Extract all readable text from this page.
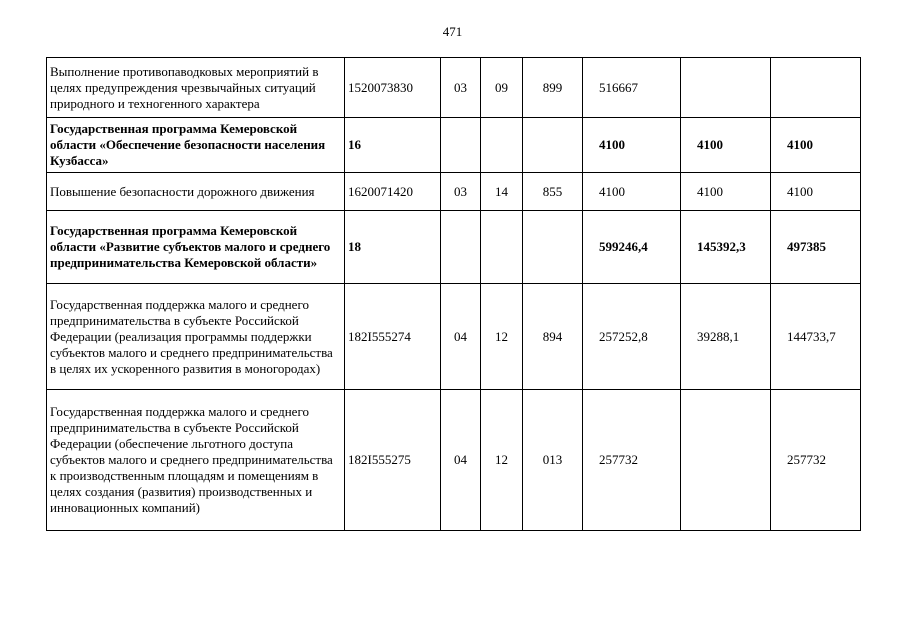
471
Выполнение противопаводковых мероприятий в целях предупреждения чрезвычайных ситуаций природного и техногенного характера	1520073830	03	09	899	516667		
Государственная программа Кемеровской области «Обеспечение безопасности населения Кузбасса»	16				4100	4100	4100
Повышение безопасности дорожного движения	1620071420	03	14	855	4100	4100	4100
Государственная программа Кемеровской области «Развитие субъектов малого и среднего предпринимательства Кемеровской области»	18				599246,4	145392,3	497385
Государственная поддержка малого и среднего предпринимательства в субъекте Российской Федерации (реализация программы поддержки субъектов малого и среднего предпринимательства в целях их ускоренного развития в моногородах)	182I555274	04	12	894	257252,8	39288,1	144733,7
Государственная поддержка малого и среднего предпринимательства в субъекте Российской Федерации (обеспечение льготного доступа субъектов малого и среднего предпринимательства к производственным площадям и помещениям в целях создания (развития) производственных и инновационных компаний)	182I555275	04	12	013	257732		257732
